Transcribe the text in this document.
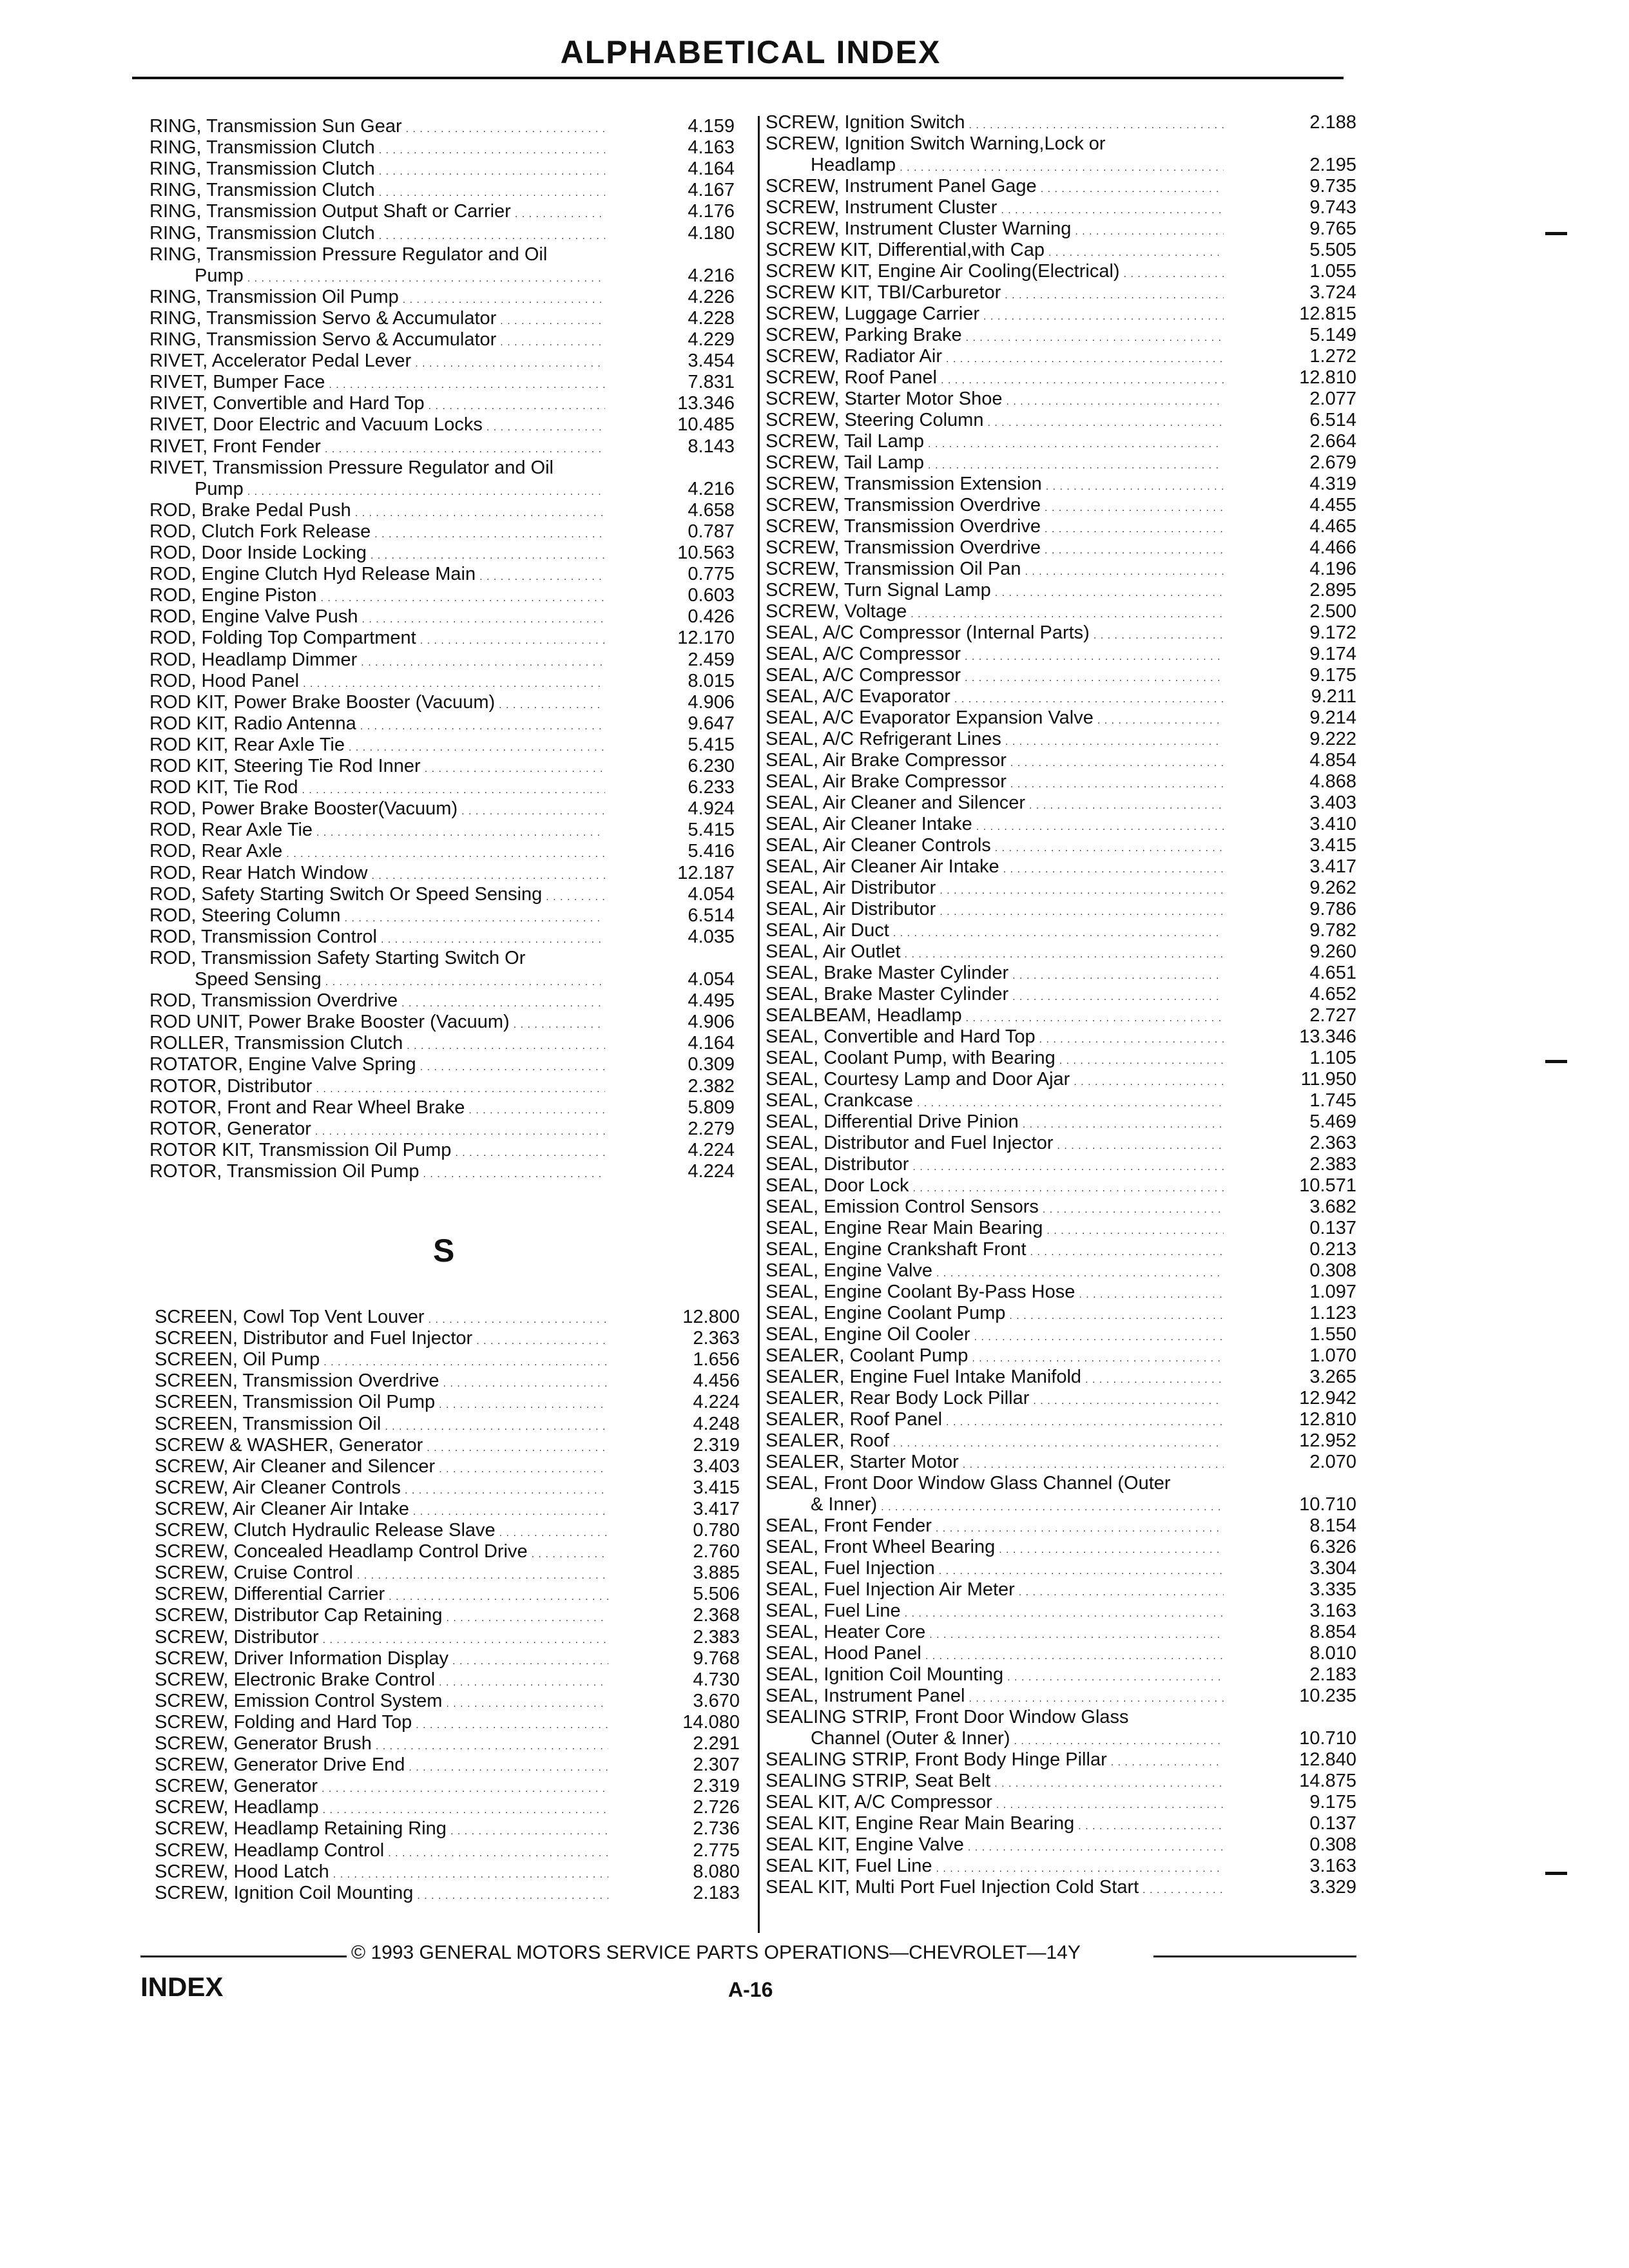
ALPHABETICAL INDEX
RING, Transmission Sun Gear . . .	4.159
RING, Transmission Clutch . . .	4.163
RING, Transmission Clutch . . .	4.164
RING, Transmission Clutch . . .	4.167
RING, Transmission Output Shaft or Carrier . . .	4.176
RING, Transmission Clutch . . .	4.180
RING, Transmission Pressure Regulator and Oil
Pump . . .	4.216
RING, Transmission Oil Pump . . .	4.226
RING, Transmission Servo & Accumulator . . .	4.228
RING, Transmission Servo & Accumulator . . .	4.229
RIVET, Accelerator Pedal Lever . . .	3.454
RIVET, Bumper Face . . .	7.831
RIVET, Convertible and Hard Top . . .	13.346
RIVET, Door Electric and Vacuum Locks . . .	10.485
RIVET, Front Fender . . .	8.143
RIVET, Transmission Pressure Regulator and Oil
Pump . . .	4.216
ROD, Brake Pedal Push . . .	4.658
ROD, Clutch Fork Release . . .	0.787
ROD, Door Inside Locking . . .	10.563
ROD, Engine Clutch Hyd Release Main . . .	0.775
ROD, Engine Piston . . .	0.603
ROD, Engine Valve Push . . .	0.426
ROD, Folding Top Compartment . . .	12.170
ROD, Headlamp Dimmer . . .	2.459
ROD, Hood Panel . . .	8.015
ROD KIT, Power Brake Booster (Vacuum) . . .	4.906
ROD KIT, Radio Antenna . . .	9.647
ROD KIT, Rear Axle Tie . . .	5.415
ROD KIT, Steering Tie Rod Inner . . .	6.230
ROD KIT, Tie Rod . . .	6.233
ROD, Power Brake Booster(Vacuum) . . .	4.924
ROD, Rear Axle Tie . . .	5.415
ROD, Rear Axle . . .	5.416
ROD, Rear Hatch Window . . .	12.187
ROD, Safety Starting Switch Or Speed Sensing . . .	4.054
ROD, Steering Column . . .	6.514
ROD, Transmission Control . . .	4.035
ROD, Transmission Safety Starting Switch Or
Speed Sensing . . .	4.054
ROD, Transmission Overdrive . . .	4.495
ROD UNIT, Power Brake Booster (Vacuum) . . .	4.906
ROLLER, Transmission Clutch . . .	4.164
ROTATOR, Engine Valve Spring . . .	0.309
ROTOR, Distributor . . .	2.382
ROTOR, Front and Rear Wheel Brake . . .	5.809
ROTOR, Generator . . .	2.279
ROTOR KIT, Transmission Oil Pump . . .	4.224
ROTOR, Transmission Oil Pump . . .	4.224
S
SCREEN, Cowl Top Vent Louver . . .	12.800
SCREEN, Distributor and Fuel Injector . . .	2.363
SCREEN, Oil Pump . . .	1.656
SCREEN, Transmission Overdrive . . .	4.456
SCREEN, Transmission Oil Pump . . .	4.224
SCREEN, Transmission Oil . . .	4.248
SCREW & WASHER, Generator . . .	2.319
SCREW, Air Cleaner and Silencer . . .	3.403
SCREW, Air Cleaner Controls . . .	3.415
SCREW, Air Cleaner Air Intake . . .	3.417
SCREW, Clutch Hydraulic Release Slave . . .	0.780
SCREW, Concealed Headlamp Control Drive . . .	2.760
SCREW, Cruise Control . . .	3.885
SCREW, Differential Carrier . . .	5.506
SCREW, Distributor Cap Retaining . . .	2.368
SCREW, Distributor . . .	2.383
SCREW, Driver Information Display . . .	9.768
SCREW, Electronic Brake Control . . .	4.730
SCREW, Emission Control System . . .	3.670
SCREW, Folding and Hard Top . . .	14.080
SCREW, Generator Brush . . .	2.291
SCREW, Generator Drive End . . .	2.307
SCREW, Generator . . .	2.319
SCREW, Headlamp . . .	2.726
SCREW, Headlamp Retaining Ring . . .	2.736
SCREW, Headlamp Control . . .	2.775
SCREW, Hood Latch . . .	8.080
SCREW, Ignition Coil Mounting . . .	2.183
SCREW, Ignition Switch . . .	2.188
SCREW, Ignition Switch Warning,Lock or
Headlamp . . .	2.195
SCREW, Instrument Panel Gage . . .	9.735
SCREW, Instrument Cluster . . .	9.743
SCREW, Instrument Cluster Warning . . .	9.765
SCREW KIT, Differential,with Cap . . .	5.505
SCREW KIT, Engine Air Cooling(Electrical) . . .	1.055
SCREW KIT, TBI/Carburetor . . .	3.724
SCREW, Luggage Carrier . . .	12.815
SCREW, Parking Brake . . .	5.149
SCREW, Radiator Air . . .	1.272
SCREW, Roof Panel . . .	12.810
SCREW, Starter Motor Shoe . . .	2.077
SCREW, Steering Column . . .	6.514
SCREW, Tail Lamp . . .	2.664
SCREW, Tail Lamp . . .	2.679
SCREW, Transmission Extension . . .	4.319
SCREW, Transmission Overdrive . . .	4.455
SCREW, Transmission Overdrive . . .	4.465
SCREW, Transmission Overdrive . . .	4.466
SCREW, Transmission Oil Pan . . .	4.196
SCREW, Turn Signal Lamp . . .	2.895
SCREW, Voltage . . .	2.500
SEAL, A/C Compressor (Internal Parts) . . .	9.172
SEAL, A/C Compressor . . .	9.174
SEAL, A/C Compressor . . .	9.175
SEAL, A/C Evaporator . . .	9.211
SEAL, A/C Evaporator Expansion Valve . . .	9.214
SEAL, A/C Refrigerant Lines . . .	9.222
SEAL, Air Brake Compressor . . .	4.854
SEAL, Air Brake Compressor . . .	4.868
SEAL, Air Cleaner and Silencer . . .	3.403
SEAL, Air Cleaner Intake . . .	3.410
SEAL, Air Cleaner Controls . . .	3.415
SEAL, Air Cleaner Air Intake . . .	3.417
SEAL, Air Distributor . . .	9.262
SEAL, Air Distributor . . .	9.786
SEAL, Air Duct . . .	9.782
SEAL, Air Outlet . . .	9.260
SEAL, Brake Master Cylinder . . .	4.651
SEAL, Brake Master Cylinder . . .	4.652
SEALBEAM, Headlamp . . .	2.727
SEAL, Convertible and Hard Top . . .	13.346
SEAL, Coolant Pump, with Bearing . . .	1.105
SEAL, Courtesy Lamp and Door Ajar . . .	11.950
SEAL, Crankcase . . .	1.745
SEAL, Differential Drive Pinion . . .	5.469
SEAL, Distributor and Fuel Injector . . .	2.363
SEAL, Distributor . . .	2.383
SEAL, Door Lock . . .	10.571
SEAL, Emission Control Sensors . . .	3.682
SEAL, Engine Rear Main Bearing . . .	0.137
SEAL, Engine Crankshaft Front . . .	0.213
SEAL, Engine Valve . . .	0.308
SEAL, Engine Coolant By-Pass Hose . . .	1.097
SEAL, Engine Coolant Pump . . .	1.123
SEAL, Engine Oil Cooler . . .	1.550
SEALER, Coolant Pump . . .	1.070
SEALER, Engine Fuel Intake Manifold . . .	3.265
SEALER, Rear Body Lock Pillar . . .	12.942
SEALER, Roof Panel . . .	12.810
SEALER, Roof . . .	12.952
SEALER, Starter Motor . . .	2.070
SEAL, Front Door Window Glass Channel (Outer
& Inner) . . .	10.710
SEAL, Front Fender . . .	8.154
SEAL, Front Wheel Bearing . . .	6.326
SEAL, Fuel Injection . . .	3.304
SEAL, Fuel Injection Air Meter . . .	3.335
SEAL, Fuel Line . . .	3.163
SEAL, Heater Core . . .	8.854
SEAL, Hood Panel . . .	8.010
SEAL, Ignition Coil Mounting . . .	2.183
SEAL, Instrument Panel . . .	10.235
SEALING STRIP, Front Door Window Glass
Channel (Outer & Inner) . . .	10.710
SEALING STRIP, Front Body Hinge Pillar . . .	12.840
SEALING STRIP, Seat Belt . . .	14.875
SEAL KIT, A/C Compressor . . .	9.175
SEAL KIT, Engine Rear Main Bearing . . .	0.137
SEAL KIT, Engine Valve . . .	0.308
SEAL KIT, Fuel Line . . .	3.163
SEAL KIT, Multi Port Fuel Injection Cold Start . . .	3.329
© 1993 GENERAL MOTORS SERVICE PARTS OPERATIONS—CHEVROLET—14Y
INDEX	A-16
